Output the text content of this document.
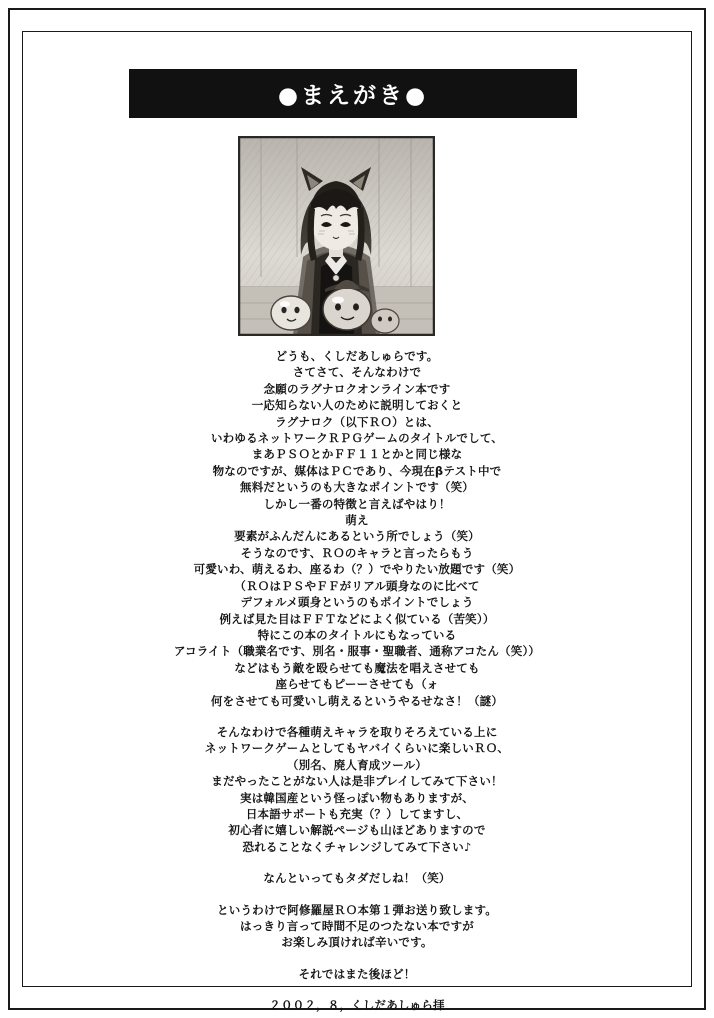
●まえがき●

どうも、くしだあしゅらです。

さてさて、そんなわけで

念願のラグナロクオンライン本です

一応知らない人のために説明しておくと

ラグナロク（以下ＲＯ）とは、

いわゆるネットワークＲＰＧゲームのタイトルでして、

まあＰＳＯとかＦＦ１１とかと同じ様な

物なのですが、媒体はＰＣであり、今現在βテスト中で

無料だというのも大きなポイントです（笑）

しかし一番の特徴と言えばやはり！

萌え

要素がふんだんにあるという所でしょう（笑）

そうなのです、ＲＯのキャラと言ったらもう

可愛いわ、萌えるわ、座るわ（？）でやりたい放題です（笑）

（ＲＯはＰＳやＦＦがリアル頭身なのに比べて

デフォルメ頭身というのもポイントでしょう

例えば見た目はＦＦＴなどによく似ている（苦笑））

特にこの本のタイトルにもなっている

アコライト（職業名です、別名・服事・聖職者、通称アコたん（笑））

などはもう敵を殴らせても魔法を唱えさせても

座らせてもピーーさせても（ォ

何をさせても可愛いし萌えるというやるせなさ！（謎）

そんなわけで各種萌えキャラを取りそろえている上に

ネットワークゲームとしてもヤバイくらいに楽しいＲＯ、

（別名、廃人育成ツール）

まだやったことがない人は是非プレイしてみて下さい！

実は韓国産という怪っぽい物もありますが、

日本語サポートも充実（？）してますし、

初心者に嬉しい解説ページも山ほどありますので

恐れることなくチャレンジしてみて下さい♪

なんといってもタダだしね！（笑）

というわけで阿修羅屋ＲＯ本第１弾お送り致します。

はっきり言って時間不足のつたない本ですが

お楽しみ頂ければ辛いです。

それではまた後ほど！

２００２，８，くしだあしゅら拝
